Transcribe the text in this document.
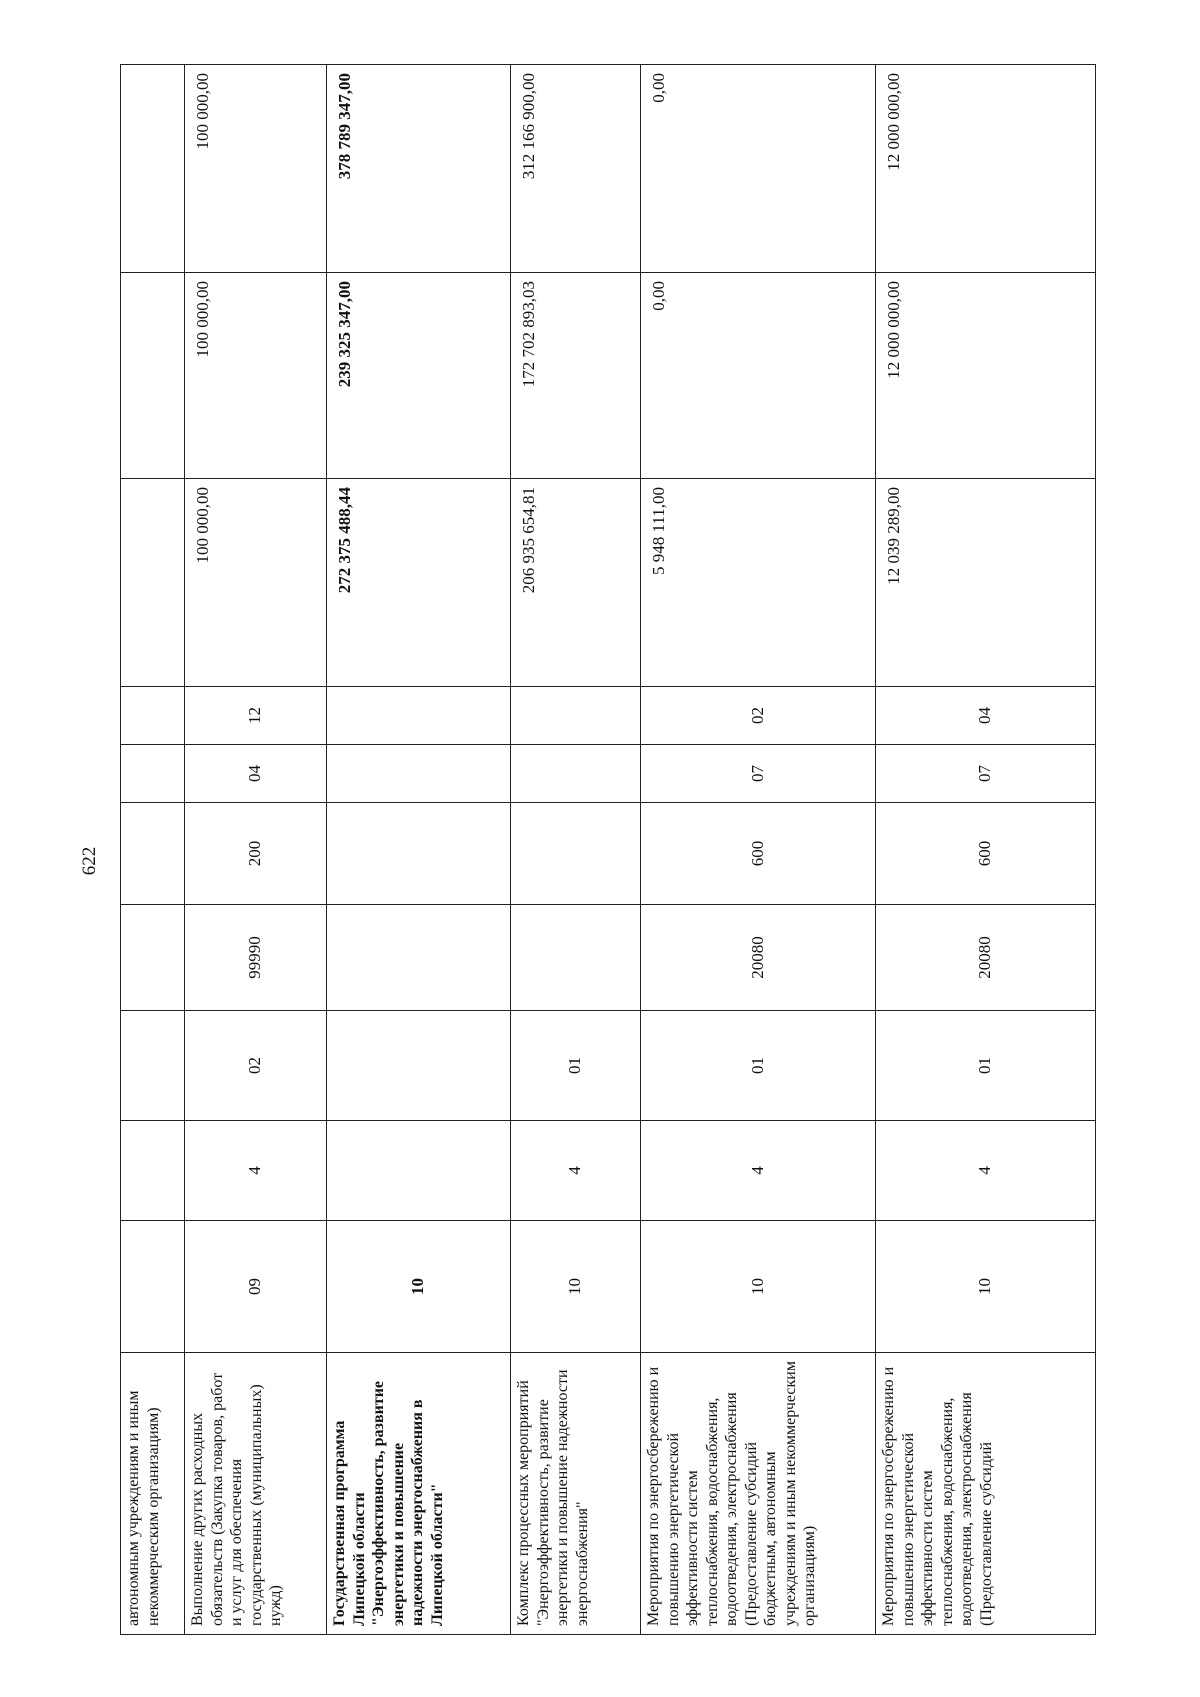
622
автономным учреждениям и иным некоммерческим организациям)										
Выполнение других расходных обязательств (Закупка товаров, работ и услуг для обеспечения государственных (муниципальных) нужд)	09	4	02	99990	200	04	12	100 000,00	100 000,00	100 000,00
Государственная программа Липецкой области "Энергоэффективность, развитие энергетики и повышение надежности энергоснабжения в Липецкой области"	10							272 375 488,44	239 325 347,00	378 789 347,00
Комплекс процессных мероприятий "Энергоэффективность, развитие энергетики и повышение надежности энергоснабжения"	10	4	01					206 935 654,81	172 702 893,03	312 166 900,00
Мероприятия по энергосбережению и повышению энергетической эффективности систем теплоснабжения, водоснабжения, водоотведения, электроснабжения (Предоставление субсидий бюджетным, автономным учреждениям и иным некоммерческим организациям)	10	4	01	20080	600	07	02	5 948 111,00	0,00	0,00
Мероприятия по энергосбережению и повышению энергетической эффективности систем теплоснабжения, водоснабжения, водоотведения, электроснабжения (Предоставление субсидий	10	4	01	20080	600	07	04	12 039 289,00	12 000 000,00	12 000 000,00
